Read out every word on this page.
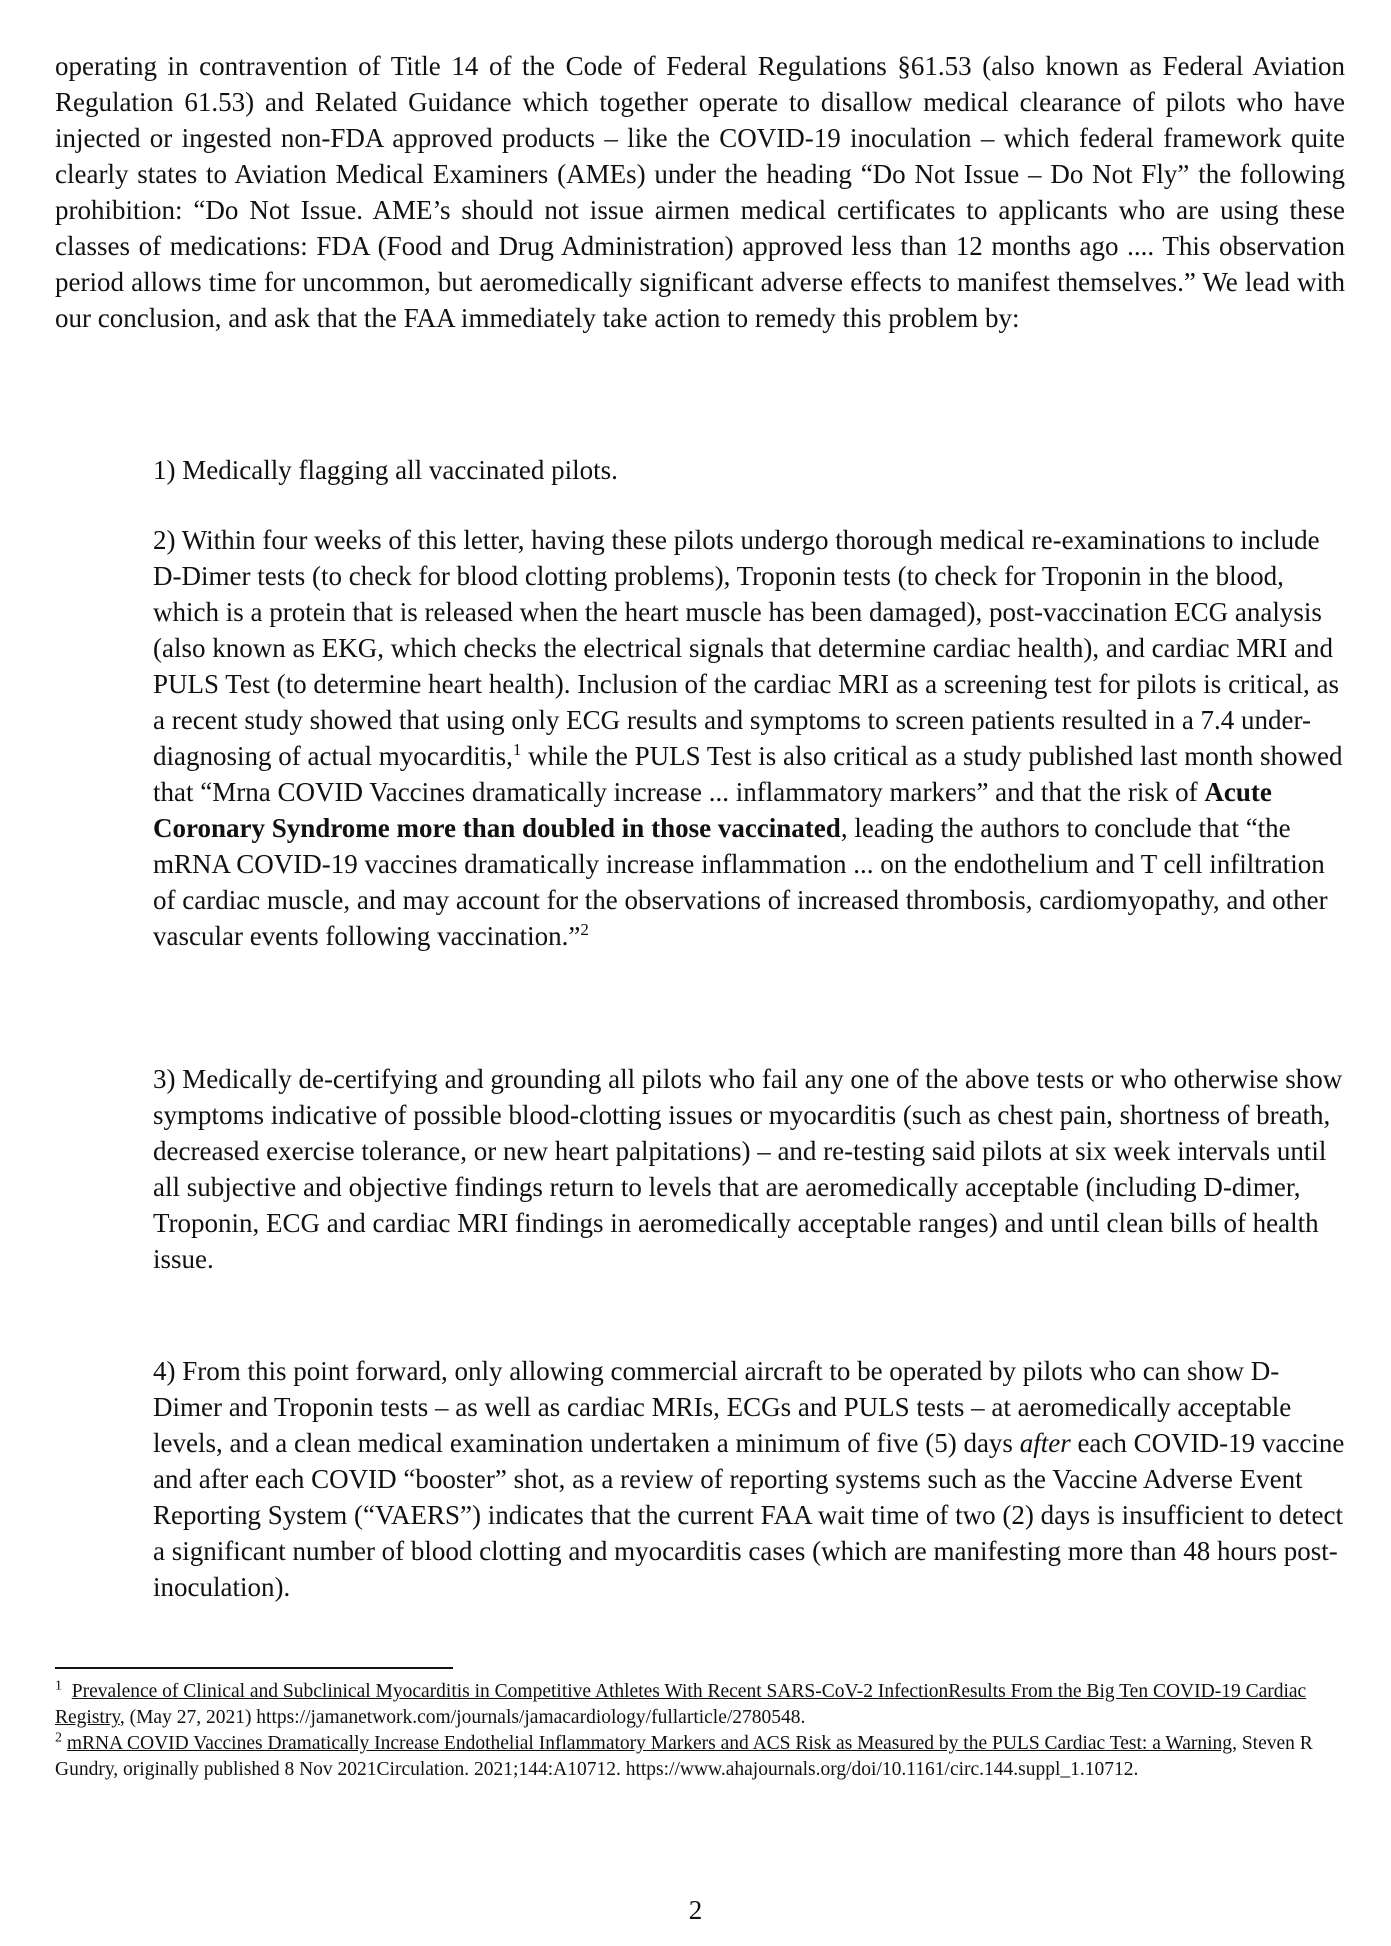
operating in contravention of Title 14 of the Code of Federal Regulations §61.53 (also known as Federal Aviation Regulation 61.53) and Related Guidance which together operate to disallow medical clearance of pilots who have injected or ingested non-FDA approved products – like the COVID-19 inoculation – which federal framework quite clearly states to Aviation Medical Examiners (AMEs) under the heading “Do Not Issue – Do Not Fly” the following prohibition: “Do Not Issue. AME’s should not issue airmen medical certificates to applicants who are using these classes of medications: FDA (Food and Drug Administration) approved less than 12 months ago .... This observation period allows time for uncommon, but aeromedically significant adverse effects to manifest themselves.” We lead with our conclusion, and ask that the FAA immediately take action to remedy this problem by:

1) Medically flagging all vaccinated pilots.

2) Within four weeks of this letter, having these pilots undergo thorough medical re-examinations to include D-Dimer tests (to check for blood clotting problems), Troponin tests (to check for Troponin in the blood, which is a protein that is released when the heart muscle has been damaged), post-vaccination ECG analysis (also known as EKG, which checks the electrical signals that determine cardiac health), and cardiac MRI and PULS Test (to determine heart health). Inclusion of the cardiac MRI as a screening test for pilots is critical, as a recent study showed that using only ECG results and symptoms to screen patients resulted in a 7.4 under-diagnosing of actual myocarditis,$^1$ while the PULS Test is also critical as a study published last month showed that “Mrna COVID Vaccines dramatically increase ... inflammatory markers” and that the risk of Acute Coronary Syndrome more than doubled in those vaccinated, leading the authors to conclude that “the mRNA COVID-19 vaccines dramatically increase inflammation ... on the endothelium and T cell infiltration of cardiac muscle, and may account for the observations of increased thrombosis, cardiomyopathy, and other vascular events following vaccination.”$^2$

3) Medically de-certifying and grounding all pilots who fail any one of the above tests or who otherwise show symptoms indicative of possible blood-clotting issues or myocarditis (such as chest pain, shortness of breath, decreased exercise tolerance, or new heart palpitations) – and re-testing said pilots at six week intervals until all subjective and objective findings return to levels that are aeromedically acceptable (including D-dimer, Troponin, ECG and cardiac MRI findings in aeromedically acceptable ranges) and until clean bills of health issue.

4) From this point forward, only allowing commercial aircraft to be operated by pilots who can show D-Dimer and Troponin tests – as well as cardiac MRIs, ECGs and PULS tests – at aeromedically acceptable levels, and a clean medical examination undertaken a minimum of five (5) days after each COVID-19 vaccine and after each COVID “booster” shot, as a review of reporting systems such as the Vaccine Adverse Event Reporting System (“VAERS”) indicates that the current FAA wait time of two (2) days is insufficient to detect a significant number of blood clotting and myocarditis cases (which are manifesting more than 48 hours post-inoculation).

$^1$ Prevalence of Clinical and Subclinical Myocarditis in Competitive Athletes With Recent SARS-CoV-2 InfectionResults From the Big Ten COVID-19 Cardiac Registry, (May 27, 2021) https://jamanetwork.com/journals/jamacardiology/fullarticle/2780548.

$^2$ mRNA COVID Vaccines Dramatically Increase Endothelial Inflammatory Markers and ACS Risk as Measured by the PULS Cardiac Test: a Warning, Steven R Gundry, originally published 8 Nov 2021Circulation. 2021;144:A10712. https://www.ahajournals.org/doi/10.1161/circ.144.suppl_1.10712.

2
